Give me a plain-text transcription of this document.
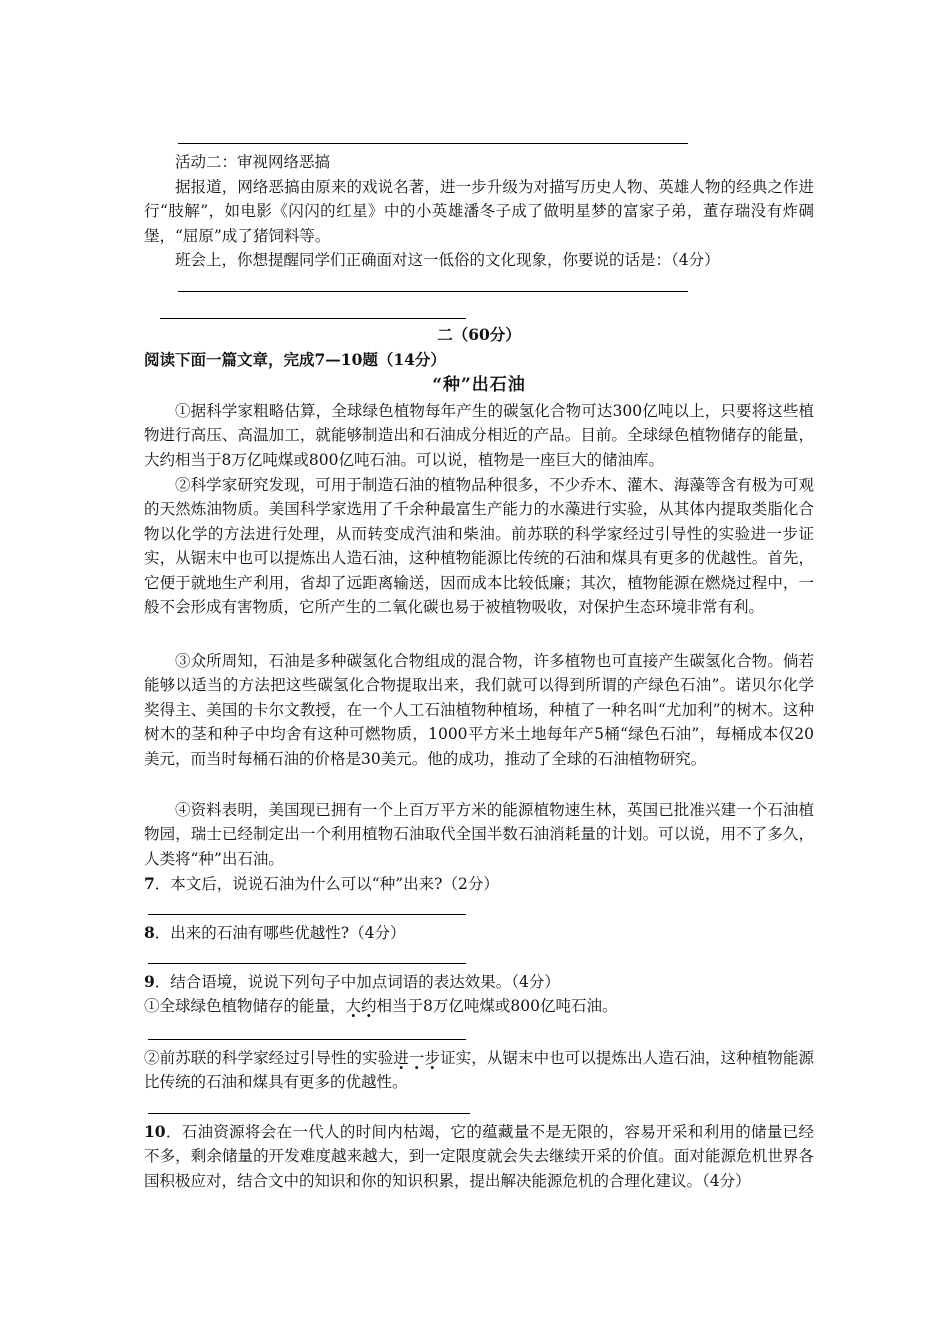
活动二：审视网络恶搞
据报道，网络恶搞由原来的戏说名著，进一步升级为对描写历史人物、英雄人物的经典之作进行“肢解”，如电影《闪闪的红星》中的小英雄潘冬子成了做明星梦的富家子弟，董存瑞没有炸碉堡，“屈原”成了猪饲料等。
班会上，你想提醒同学们正确面对这一低俗的文化现象，你要说的话是：（4分）
二（60分）
阅读下面一篇文章，完成7—10题（14分）
“种”出石油
①据科学家粗略估算，全球绿色植物每年产生的碳氢化合物可达300亿吨以上，只要将这些植物进行高压、高温加工，就能够制造出和石油成分相近的产品。目前。全球绿色植物储存的能量，大约相当于8万亿吨煤或800亿吨石油。可以说，植物是一座巨大的储油库。
②科学家研究发现，可用于制造石油的植物品种很多，不少乔木、灌木、海藻等含有极为可观的天然炼油物质。美国科学家选用了千余种最富生产能力的水藻进行实验，从其体内提取类脂化合物以化学的方法进行处理，从而转变成汽油和柴油。前苏联的科学家经过引导性的实验进一步证实，从锯末中也可以提炼出人造石油，这种植物能源比传统的石油和煤具有更多的优越性。首先，它便于就地生产利用，省却了远距离输送，因而成本比较低廉；其次，植物能源在燃烧过程中，一般不会形成有害物质，它所产生的二氧化碳也易于被植物吸收，对保护生态环境非常有利。
③众所周知，石油是多种碳氢化合物组成的混合物，许多植物也可直接产生碳氢化合物。倘若能够以适当的方法把这些碳氢化合物提取出来，我们就可以得到所谓的产绿色石油”。诺贝尔化学奖得主、美国的卡尔文教授，在一个人工石油植物种植场，种植了一种名叫“尤加利”的树木。这种树木的茎和种子中均舍有这种可燃物质，1000平方米土地每年产5桶“绿色石油”，每桶成本仅20美元，而当时每桶石油的价格是30美元。他的成功，推动了全球的石油植物研究。
④资料表明，美国现已拥有一个上百万平方米的能源植物速生林，英国已批准兴建一个石油植物园，瑞士已经制定出一个利用植物石油取代全国半数石油消耗量的计划。可以说，用不了多久，人类将“种”出石油。
7．本文后，说说石油为什么可以“种”出来?（2分）
8．出来的石油有哪些优越性?（4分）
9．结合语境，说说下列句子中加点词语的表达效果。（4分）
①全球绿色植物储存的能量，大约相当于8万亿吨煤或800亿吨石油。
②前苏联的科学家经过引导性的实验进一步证实，从锯末中也可以提炼出人造石油，这种植物能源比传统的石油和煤具有更多的优越性。
10．石油资源将会在一代人的时间内枯竭，它的蕴藏量不是无限的，容易开采和利用的储量已经不多，剩余储量的开发难度越来越大，到一定限度就会失去继续开采的价值。面对能源危机世界各国积极应对，结合文中的知识和你的知识积累，提出解决能源危机的合理化建议。（4分）
